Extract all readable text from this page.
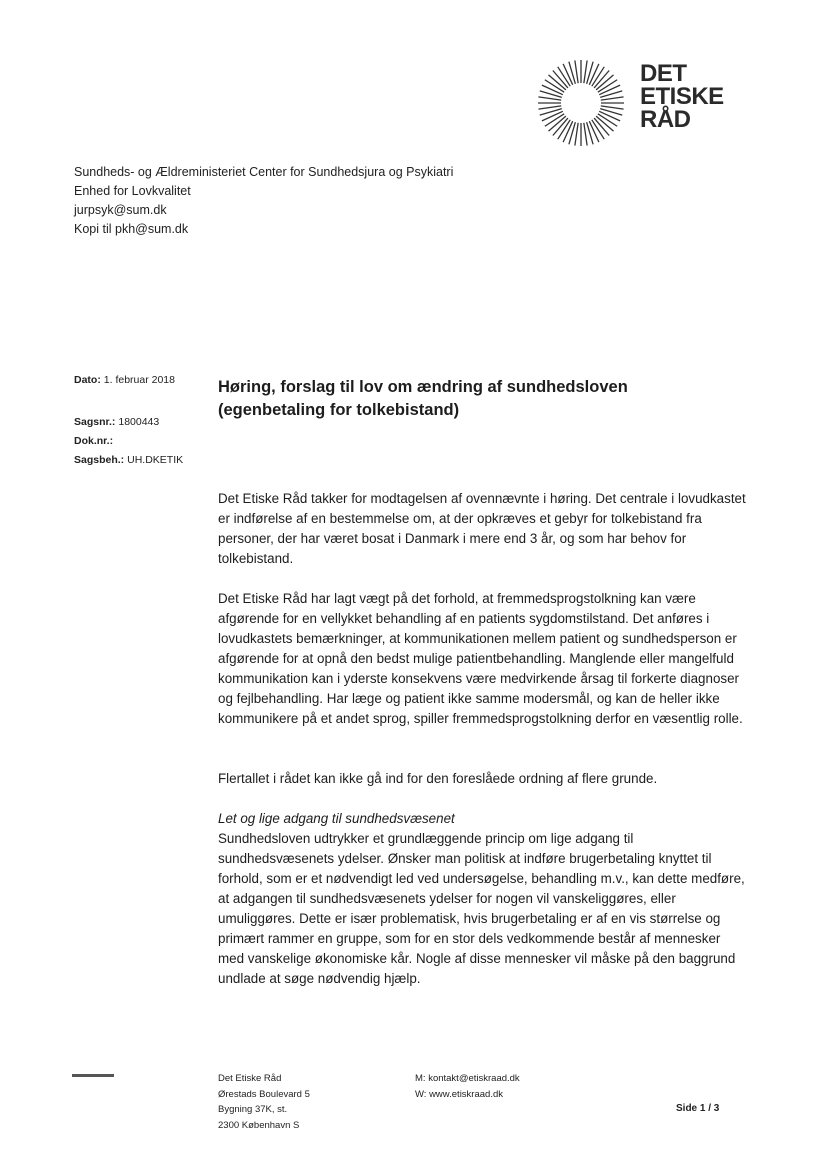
DET
ETISKE
RÅD
Sundheds- og Ældreministeriet Center for Sundhedsjura og Psykiatri
Enhed for Lovkvalitet
jurpsyk@sum.dk
Kopi til pkh@sum.dk
Dato: 1. februar 2018
Sagsnr.: 1800443
Dok.nr.:
Sagsbeh.: UH.DKETIK
Høring, forslag til lov om ændring af sundhedsloven (egenbetaling for tolkebistand)

Det Etiske Råd takker for modtagelsen af ovennævnte i høring. Det centrale i lovudkastet er indførelse af en bestemmelse om, at der opkræves et gebyr for tolkebistand fra personer, der har været bosat i Danmark i mere end 3 år, og som har behov for tolkebistand.

Det Etiske Råd har lagt vægt på det forhold, at fremmedsprogstolkning kan være afgørende for en vellykket behandling af en patients sygdomstilstand. Det anføres i lovudkastets bemærkninger, at kommunikationen mellem patient og sundhedsperson er afgørende for at opnå den bedst mulige patientbehandling. Manglende eller mangelfuld kommunikation kan i yderste konsekvens være medvirkende årsag til forkerte diagnoser og fejlbehandling. Har læge og patient ikke samme modersmål, og kan de heller ikke kommunikere på et andet sprog, spiller fremmedsprogstolkning derfor en væsentlig rolle.

Flertallet i rådet kan ikke gå ind for den foreslåede ordning af flere grunde.

Let og lige adgang til sundhedsvæsenet

Sundhedsloven udtrykker et grundlæggende princip om lige adgang til sundhedsvæsenets ydelser. Ønsker man politisk at indføre brugerbetaling knyttet til forhold, som er et nødvendigt led ved undersøgelse, behandling m.v., kan dette medføre, at adgangen til sundhedsvæsenets ydelser for nogen vil vanskeliggøres, eller umuliggøres. Dette er især problematisk, hvis brugerbetaling er af en vis størrelse og primært rammer en gruppe, som for en stor dels vedkommende består af mennesker med vanskelige økonomiske kår. Nogle af disse mennesker vil måske på den baggrund undlade at søge nødvendig hjælp.

Det Etiske Råd
Ørestads Boulevard 5
Bygning 37K, st.
2300 København S
M: kontakt@etiskraad.dk
W: www.etiskraad.dk
Side 1 / 3
